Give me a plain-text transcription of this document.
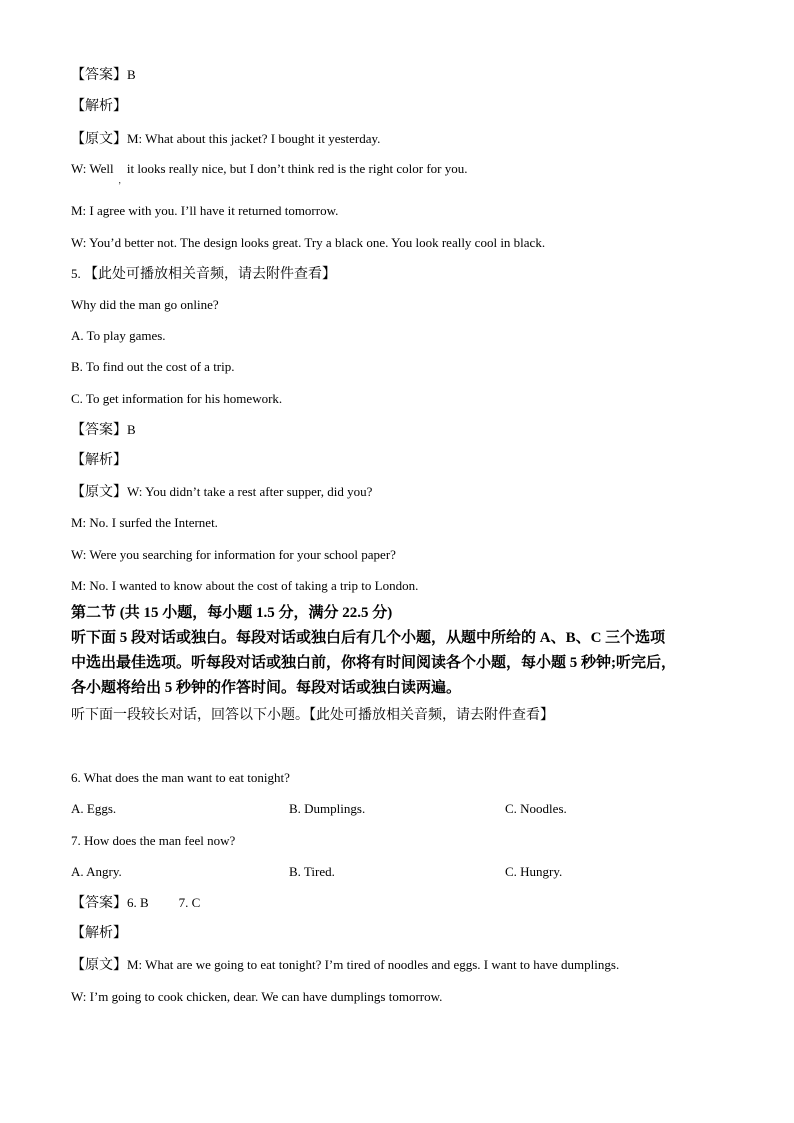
【答案】B
【解析】
【原文】M: What about this jacket? I bought it yesterday.
W: Well$_,$it looks really nice, but I don’t think red is the right color for you.
M: I agree with you. I’ll have it returned tomorrow.
W: You’d better not. The design looks great. Try a black one. You look really cool in black.
5. 【此处可播放相关音频，请去附件查看】
Why did the man go online?
A. To play games.
B. To find out the cost of a trip.
C. To get information for his homework.
【答案】B
【解析】
【原文】W: You didn’t take a rest after supper, did you?
M: No. I surfed the Internet.
W: Were you searching for information for your school paper?
M: No. I wanted to know about the cost of taking a trip to London.
第二节 (共 15 小题，每小题 1.5 分，满分 22.5 分)
听下面 5 段对话或独白。每段对话或独白后有几个小题，从题中所给的 A、B、C 三个选项
中选出最佳选项。听每段对话或独白前，你将有时间阅读各个小题，每小题 5 秒钟;听完后，
各小题将给出 5 秒钟的作答时间。每段对话或独白读两遍。
听下面一段较长对话，回答以下小题。【此处可播放相关音频，请去附件查看】
6. What does the man want to eat tonight?
A. Eggs.	B. Dumplings.	C. Noodles.
7. How does the man feel now?
A. Angry.	B. Tired.	C. Hungry.
【答案】6. B 7. C
【解析】
【原文】M: What are we going to eat tonight? I’m tired of noodles and eggs. I want to have dumplings.
W: I’m going to cook chicken, dear. We can have dumplings tomorrow.
